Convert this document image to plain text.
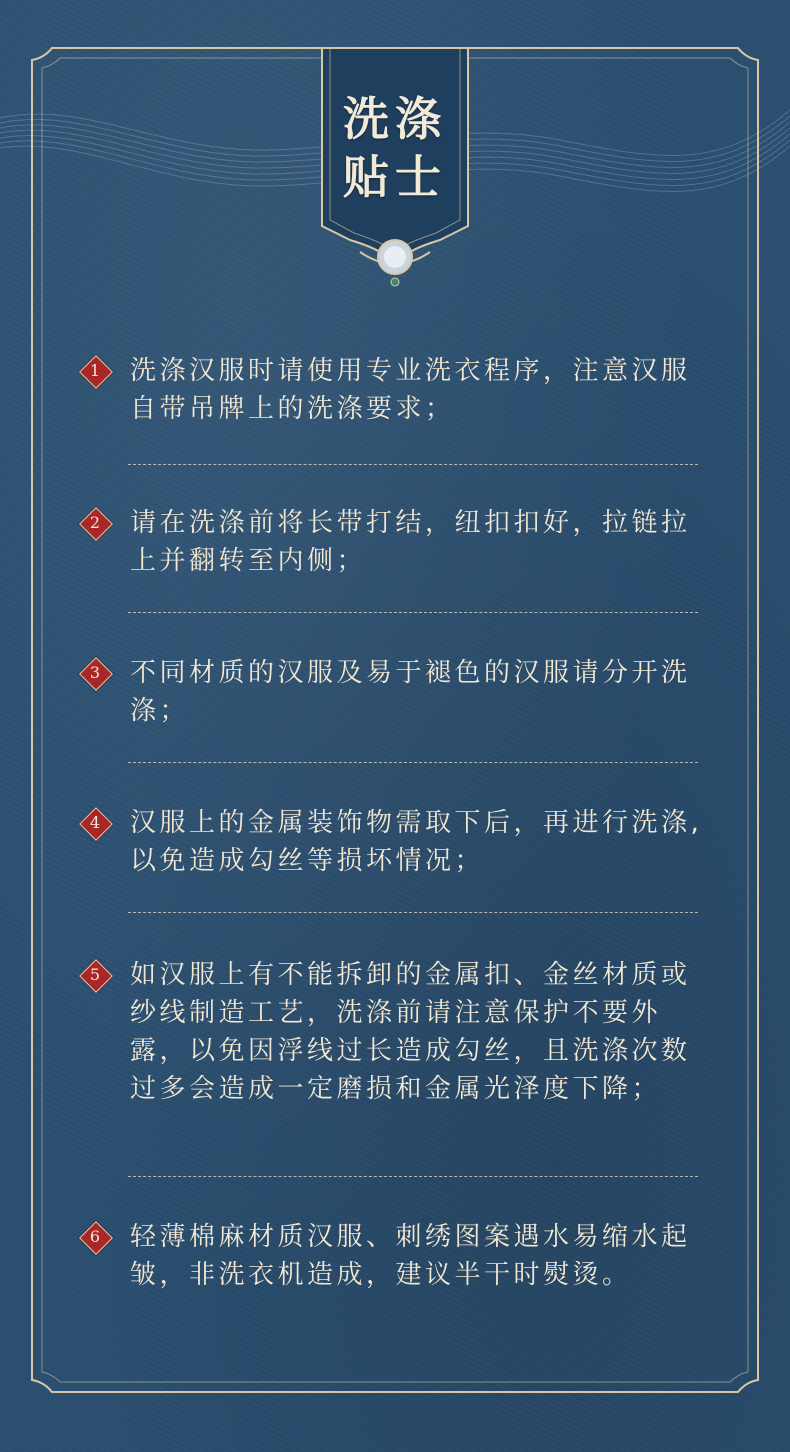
洗涤
贴士
1	洗涤汉服时请使用专业洗衣程序，注意汉服自带吊牌上的洗涤要求；
2	请在洗涤前将长带打结，纽扣扣好，拉链拉上并翻转至内侧；
3	不同材质的汉服及易于褪色的汉服请分开洗涤；
4	汉服上的金属装饰物需取下后，再进行洗涤,以免造成勾丝等损坏情况；
5	如汉服上有不能拆卸的金属扣、金丝材质或纱线制造工艺，洗涤前请注意保护不要外露，以免因浮线过长造成勾丝，且洗涤次数过多会造成一定磨损和金属光泽度下降；
6	轻薄棉麻材质汉服、刺绣图案遇水易缩水起皱，非洗衣机造成，建议半干时熨烫。
